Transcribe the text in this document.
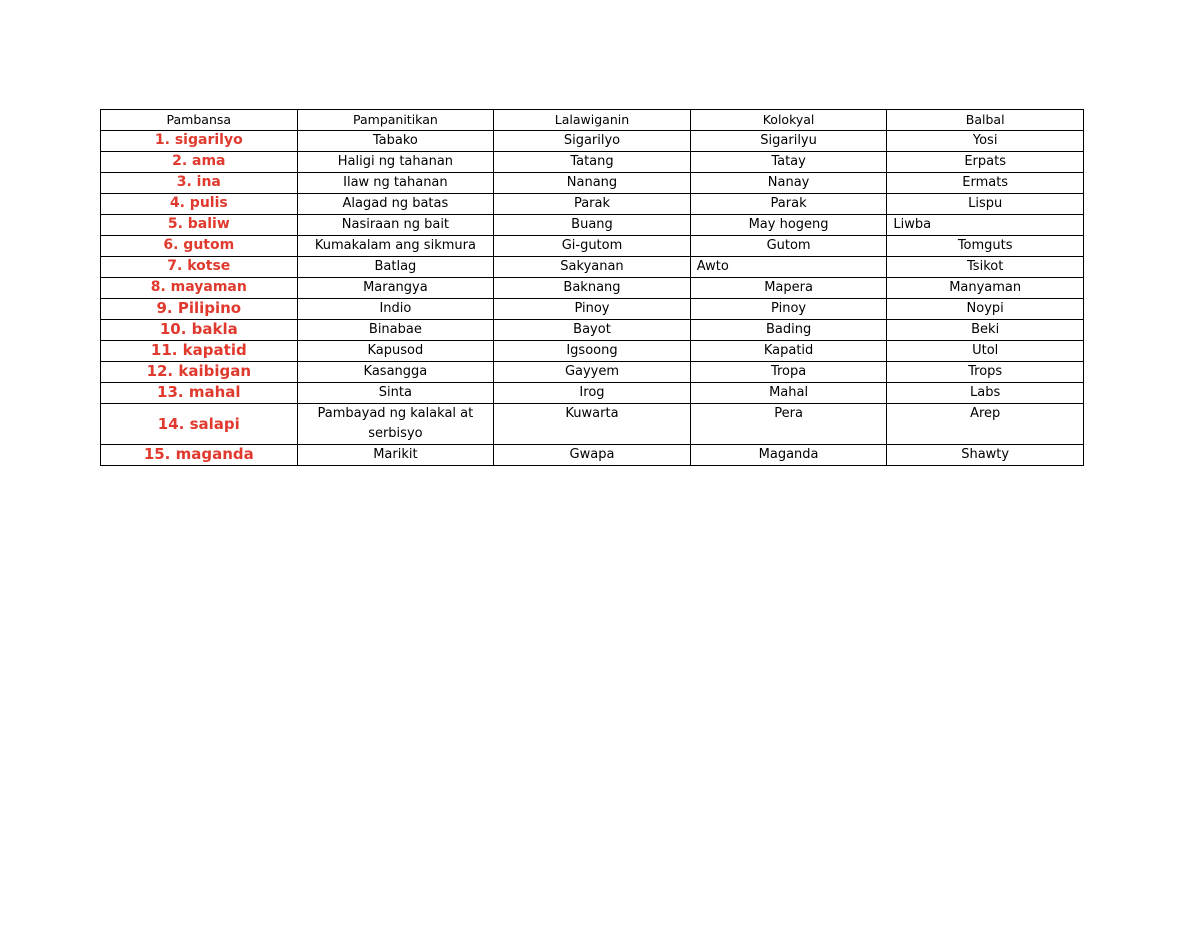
Pambansa	Pampanitikan	Lalawiganin	Kolokyal	Balbal
1. sigarilyo	Tabako	Sigarilyo	Sigarilyu	Yosi
2. ama	Haligi ng tahanan	Tatang	Tatay	Erpats
3. ina	Ilaw ng tahanan	Nanang	Nanay	Ermats
4. pulis	Alagad ng batas	Parak	Parak	Lispu
5. baliw	Nasiraan ng bait	Buang	May hogeng	Liwba
6. gutom	Kumakalam ang sikmura	Gi-gutom	Gutom	Tomguts
7. kotse	Batlag	Sakyanan	Awto	Tsikot
8. mayaman	Marangya	Baknang	Mapera	Manyaman
9. Pilipino	Indio	Pinoy	Pinoy	Noypi
10. bakla	Binabae	Bayot	Bading	Beki
11. kapatid	Kapusod	Igsoong	Kapatid	Utol
12. kaibigan	Kasangga	Gayyem	Tropa	Trops
13. mahal	Sinta	Irog	Mahal	Labs
14. salapi	Pambayad ng kalakal at serbisyo	Kuwarta	Pera	Arep
15. maganda	Marikit	Gwapa	Maganda	Shawty
